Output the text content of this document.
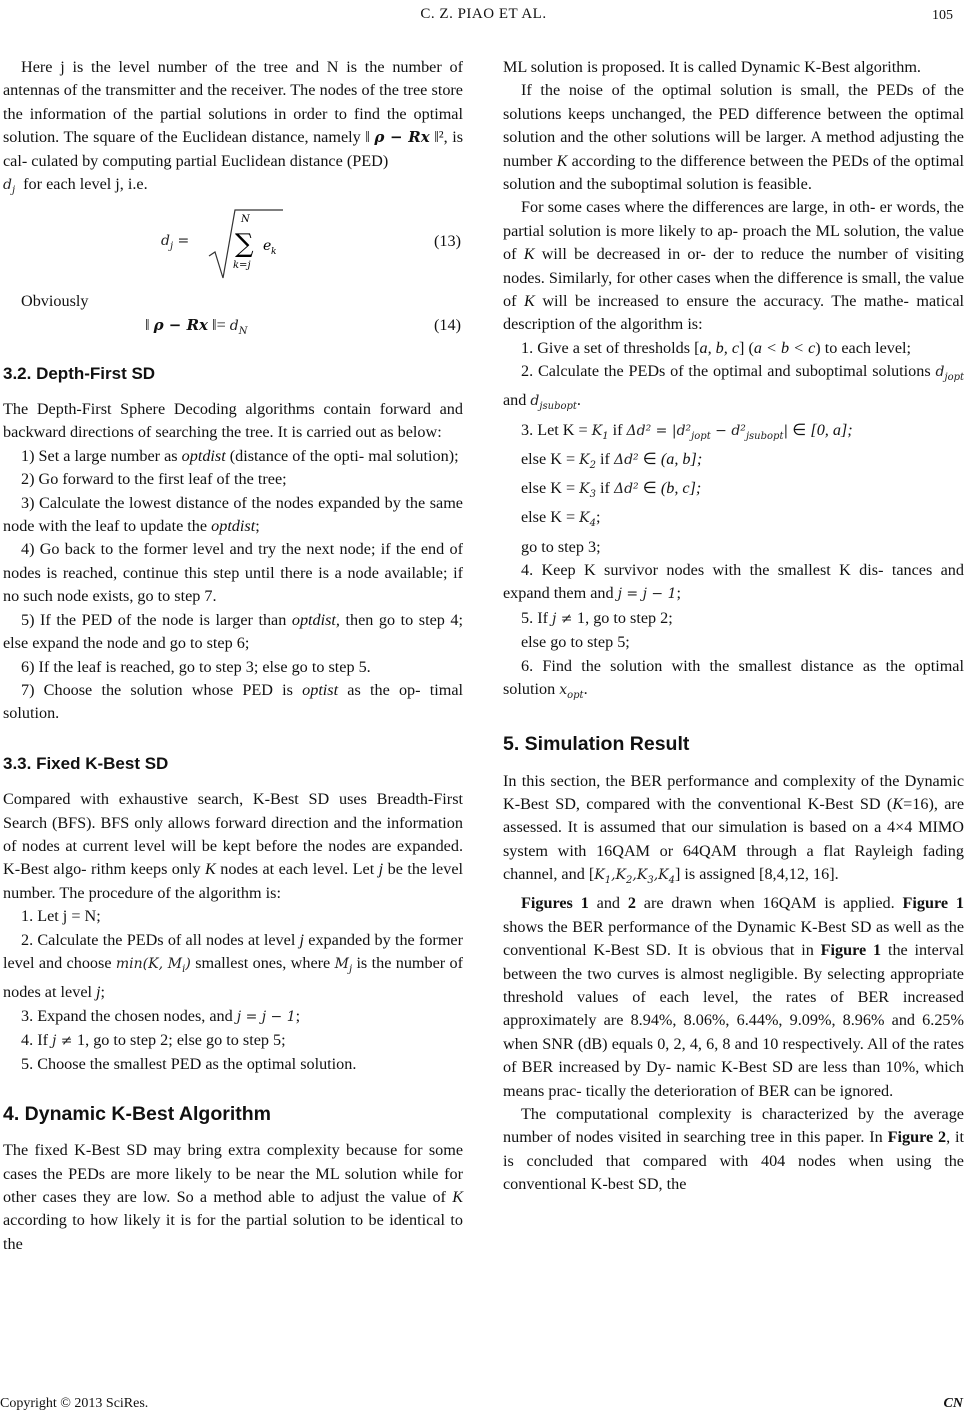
C. Z. PIAO ET AL.	105

Here j is the level number of the tree and N is the number of antennas of the transmitter and the receiver. The nodes of the tree store the information of the partial solutions in order to find the optimal solution. The square of the Euclidean distance, namely ‖ ρ − Rx ‖², is cal- culated by computing partial Euclidean distance (PED)
$d_j$ for each level j, i.e.

$d_j$ =
N
∑ e k
k=j
(13)

Obviously

‖ ρ − Rx ‖= $d_N$	(14)
3.2. Depth-First SD

The Depth-First Sphere Decoding algorithms contain forward and backward directions of searching the tree. It is carried out as below:

1) Set a large number as optdist (distance of the opti- mal solution);

2) Go forward to the first leaf of the tree;

3) Calculate the lowest distance of the nodes expanded by the same node with the leaf to update the optdist;

4) Go back to the former level and try the next node; if the end of nodes is reached, continue this step until there is a node available; if no such node exists, go to step 7.

5) If the PED of the node is larger than optdist, then go to step 4; else expand the node and go to step 6;

6) If the leaf is reached, go to step 3; else go to step 5.

7) Choose the solution whose PED is optist as the op- timal solution.

3.3. Fixed K-Best SD

Compared with exhaustive search, K-Best SD uses Breadth-First Search (BFS). BFS only allows forward direction and the information of nodes at current level will be kept before the nodes are expanded. K-Best algo- rithm keeps only K nodes at each level. Let j be the level number. The procedure of the algorithm is:

1. Let j = N;

2. Calculate the PEDs of all nodes at level j expanded by the former level and choose min(K, $M_i$) smallest ones, where $M_j$ is the number of nodes at level j;

3. Expand the chosen nodes, and j = j − 1;

4. If j ≠ 1, go to step 2; else go to step 5;

5. Choose the smallest PED as the optimal solution.

4. Dynamic K-Best Algorithm

The fixed K-Best SD may bring extra complexity because for some cases the PEDs are more likely to be near the ML solution while for other cases they are low. So a method able to adjust the value of K according to how likely it is for the partial solution to be identical to the

ML solution is proposed. It is called Dynamic K-Best algorithm.

If the noise of the optimal solution is small, the PEDs of the solutions keeps unchanged, the PED difference between the optimal solution and the other solutions will be larger. A method adjusting the number K according to the difference between the PEDs of the optimal solution and the suboptimal solution is feasible.

For some cases where the differences are large, in oth- er words, the partial solution is more likely to ap- proach the ML solution, the value of K will be decreased in or- der to reduce the number of visiting nodes. Similarly, for other cases when the difference is small, the value of K will be increased to ensure the accuracy. The mathe- matical description of the algorithm is:

1. Give a set of thresholds [a, b, c] (a < b < c) to each level;

2. Calculate the PEDs of the optimal and suboptimal solutions $d_{jopt}$ and $d_{jsubopt}$.

3. Let $K = K_1$ if $\Delta d^2 = |d^2_{jopt} - d^2_{jsubopt}|$ ∈ [0, a];

else $K = K_2$ if Δd² ∈ (a, b];

else $K = K_3$ if Δd² ∈ (b, c];

else $K = K_4$;

go to step 3;

4. Keep K survivor nodes with the smallest K dis- tances and expand them and j = j − 1;

5. If j ≠ 1, go to step 2;

else go to step 5;

6. Find the solution with the smallest distance as the optimal solution $x_{opt}$.

5. Simulation Result

In this section, the BER performance and complexity of the Dynamic K-Best SD, compared with the conventional K-Best SD (K=16), are assessed. It is assumed that our simulation is based on a 4×4 MIMO system with 16QAM or 64QAM through a flat Rayleigh fading channel, and $[K_1,K_2,K_3,K_4]$ is assigned [8,4,12, 16].

Figures 1 and 2 are drawn when 16QAM is applied. Figure 1 shows the BER performance of the Dynamic K-Best SD as well as the conventional K-Best SD. It is obvious that in Figure 1 the interval between the two curves is almost negligible. By selecting appropriate threshold values of each level, the rates of BER increased approximately are 8.94%, 8.06%, 6.44%, 9.09%, 8.96% and 6.25% when SNR (dB) equals 0, 2, 4, 6, 8 and 10 respectively. All of the rates of BER increased by Dy- namic K-Best SD are less than 10%, which means prac- tically the deterioration of BER can be ignored.

The computational complexity is characterized by the average number of nodes visited in searching tree in this paper. In Figure 2, it is concluded that compared with 404 nodes when using the conventional K-best SD, the

Copyright © 2013 SciRes.	CN
